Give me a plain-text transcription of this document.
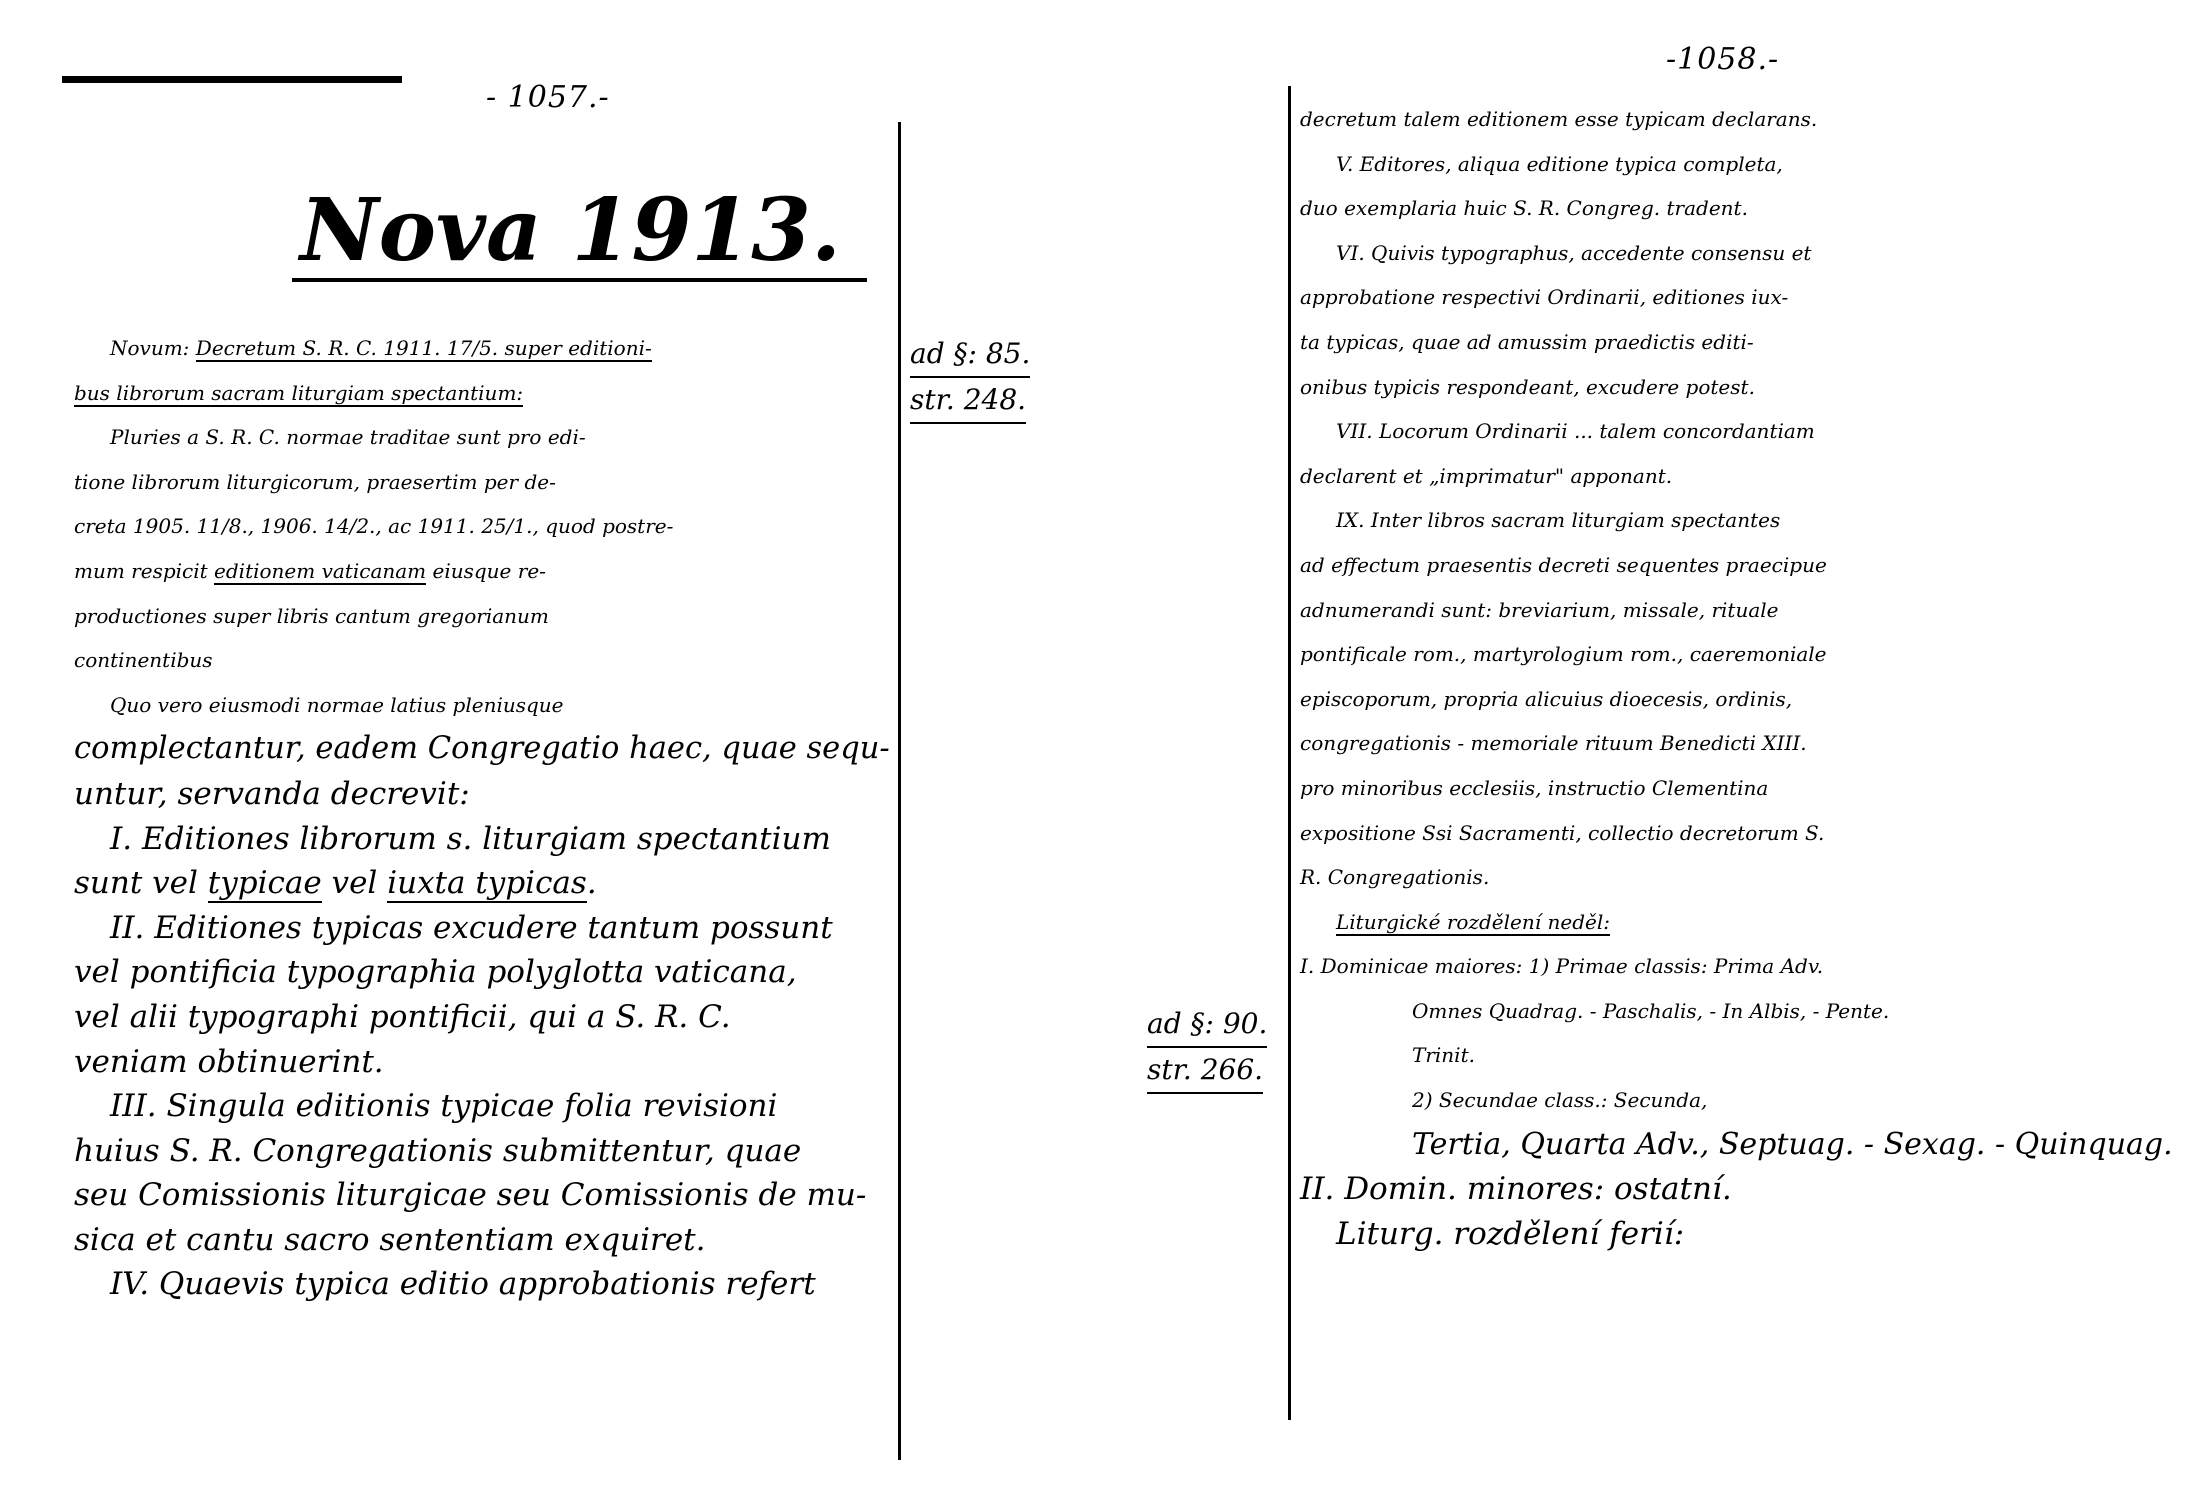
- 1057.-
Nova 1913.
ad §: 85.
str. 248.
Novum: Decretum S. R. C. 1911. 17/5. super editioni-
bus librorum sacram liturgiam spectantium:
Pluries a S. R. C. normae traditae sunt pro edi-
tione librorum liturgicorum, praesertim per de-
creta 1905. 11/8., 1906. 14/2., ac 1911. 25/1., quod postre-
mum respicit editionem vaticanam eiusque re-
productiones super libris cantum gregorianum
continentibus
Quo vero eiusmodi normae latius pleniusque
complectantur, eadem Congregatio haec, quae sequ-
untur, servanda decrevit:
I. Editiones librorum s. liturgiam spectantium
sunt vel typicae vel iuxta typicas.
II. Editiones typicas excudere tantum possunt
vel pontificia typographia polyglotta vaticana,
vel alii typographi pontificii, qui a S. R. C.
veniam obtinuerint.
III. Singula editionis typicae folia revisioni
huius S. R. Congregationis submittentur, quae
seu Comissionis liturgicae seu Comissionis de mu-
sica et cantu sacro sententiam exquiret.
IV. Quaevis typica editio approbationis refert
-1058.-
ad §: 90.
str. 266.
decretum talem editionem esse typicam declarans.
V. Editores, aliqua editione typica completa,
duo exemplaria huic S. R. Congreg. tradent.
VI. Quivis typographus, accedente consensu et
approbatione respectivi Ordinarii, editiones iux-
ta typicas, quae ad amussim praedictis editi-
onibus typicis respondeant, excudere potest.
VII. Locorum Ordinarii ... talem concordantiam
declarent et „imprimatur" apponant.
IX. Inter libros sacram liturgiam spectantes
ad effectum praesentis decreti sequentes praecipue
adnumerandi sunt: breviarium, missale, rituale
pontificale rom., martyrologium rom., caeremoniale
episcoporum, propria alicuius dioecesis, ordinis,
congregationis - memoriale rituum Benedicti XIII.
pro minoribus ecclesiis, instructio Clementina
expositione Ssi Sacramenti, collectio decretorum S.
R. Congregationis.
Liturgické rozdělení neděl:
I. Dominicae maiores: 1) Primae classis: Prima Adv.
Omnes Quadrag. - Paschalis, - In Albis, - Pente.
Trinit.
2) Secundae class.: Secunda,
Tertia, Quarta Adv., Septuag. - Sexag. - Quinquag.
II. Domin. minores: ostatní.
Liturg. rozdělení ferií:
